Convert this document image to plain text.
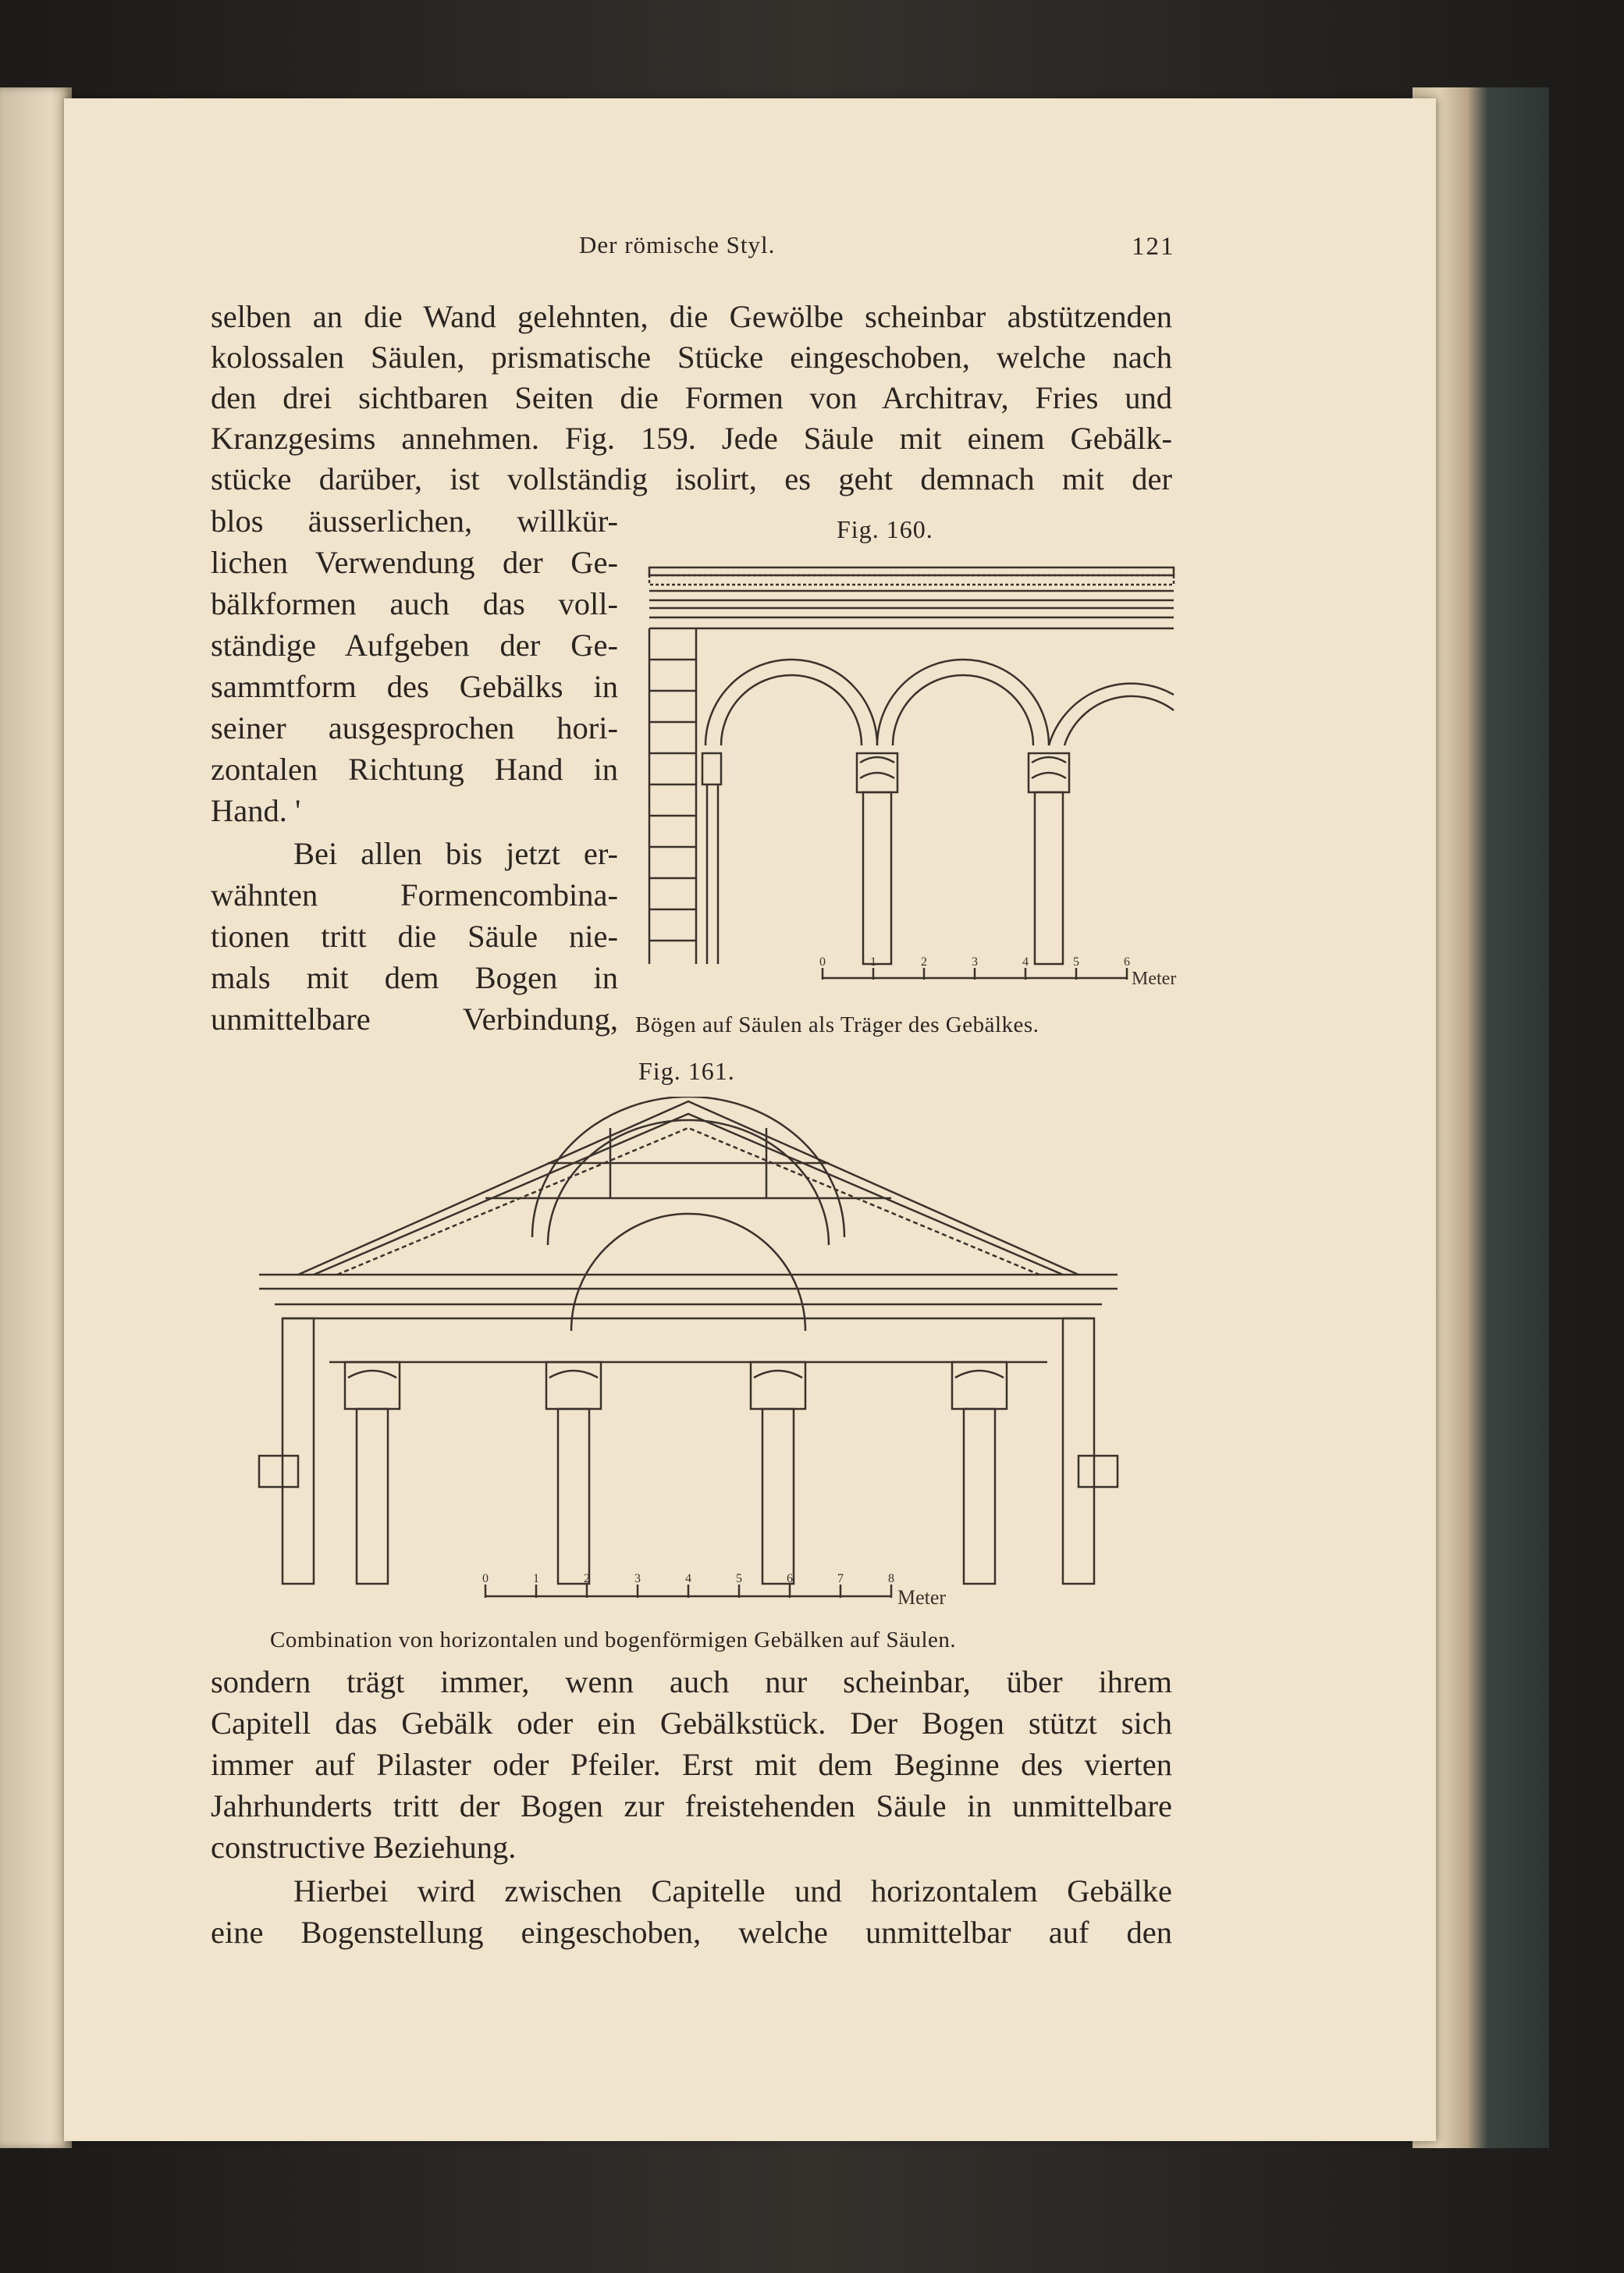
Der römische Styl.	121
selben an die Wand gelehnten, die Gewölbe scheinbar abstützenden
kolossalen Säulen, prismatische Stücke eingeschoben, welche nach
den drei sichtbaren Seiten die Formen von Architrav, Fries und
Kranzgesims annehmen. Fig. 159. Jede Säule mit einem Gebälk-
stücke darüber, ist vollständig isolirt, es geht demnach mit der
blos äusserlichen, willkür-
lichen Verwendung der Ge-
bälkformen auch das voll-
ständige Aufgeben der Ge-
sammtform des Gebälks in
seiner ausgesprochen hori-
zontalen Richtung Hand in
Hand. '
Bei allen bis jetzt er-
wähnten Formencombina-
tionen tritt die Säule nie-
mals mit dem Bogen in
unmittelbare Verbindung,
Fig. 160.
0	1	2	3	4	5	6
Meter
Bögen auf Säulen als Träger des Gebälkes.
Fig. 161.
0	1	2	3	4	5	6	7	8
Meter
Combination von horizontalen und bogenförmigen Gebälken auf Säulen.
sondern trägt immer, wenn auch nur scheinbar, über ihrem
Capitell das Gebälk oder ein Gebälkstück. Der Bogen stützt sich
immer auf Pilaster oder Pfeiler. Erst mit dem Beginne des vierten
Jahrhunderts tritt der Bogen zur freistehenden Säule in unmittelbare
constructive Beziehung.
Hierbei wird zwischen Capitelle und horizontalem Gebälke
eine Bogenstellung eingeschoben, welche unmittelbar auf den
